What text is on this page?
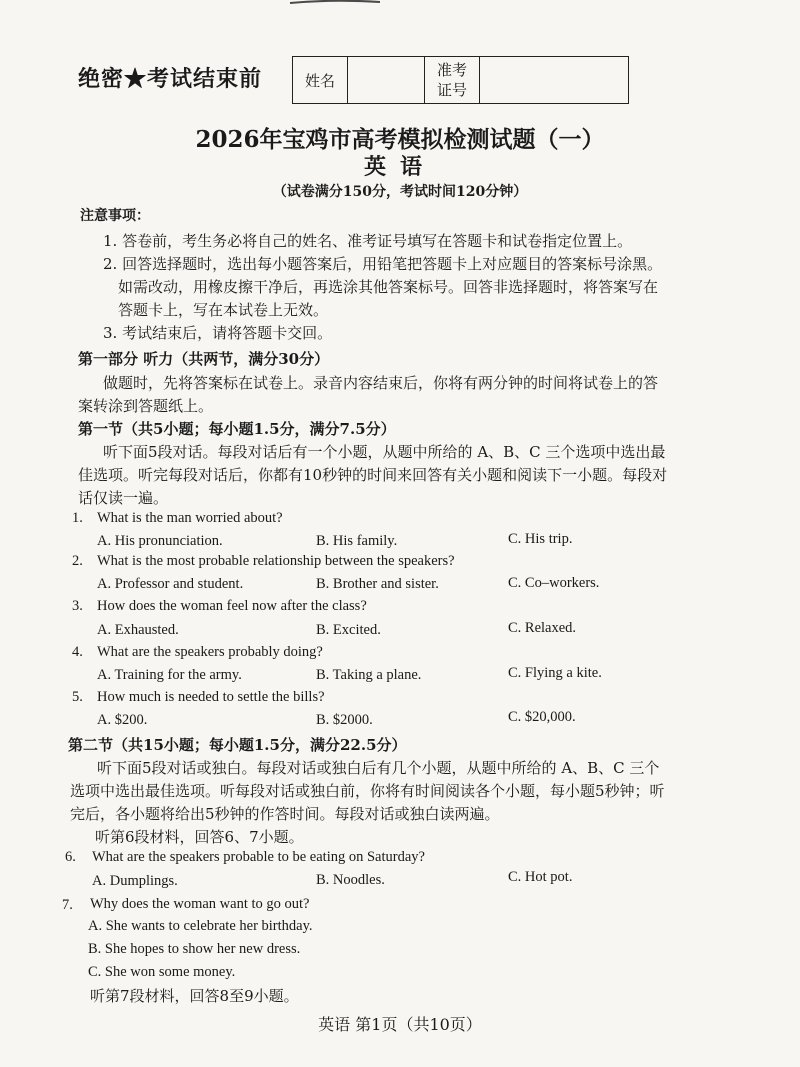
绝密★考试结束前	姓名		准考
证号	
2026年宝鸡市高考模拟检测试题（一）
英语
（试卷满分150分，考试时间120分钟）
注意事项：
1. 答卷前，考生务必将自己的姓名、准考证号填写在答题卡和试卷指定位置上。
2. 回答选择题时，选出每小题答案后，用铅笔把答题卡上对应题目的答案标号涂黑。
如需改动，用橡皮擦干净后，再选涂其他答案标号。回答非选择题时，将答案写在
答题卡上，写在本试卷上无效。
3. 考试结束后，请将答题卡交回。
第一部分 听力（共两节，满分30分）
做题时，先将答案标在试卷上。录音内容结束后，你将有两分钟的时间将试卷上的答
案转涂到答题纸上。
第一节（共5小题；每小题1.5分，满分7.5分）
听下面5段对话。每段对话后有一个小题，从题中所给的 A、B、C 三个选项中选出最
佳选项。听完每段对话后，你都有10秒钟的时间来回答有关小题和阅读下一小题。每段对
话仅读一遍。
1. What is the man worried about?
A. His pronunciation.	B. His family.	C. His trip.
2. What is the most probable relationship between the speakers?
A. Professor and student.	B. Brother and sister.	C. Co–workers.
3. How does the woman feel now after the class?
A. Exhausted.	B. Excited.	C. Relaxed.
4. What are the speakers probably doing?
A. Training for the army.	B. Taking a plane.	C. Flying a kite.
5. How much is needed to settle the bills?
A. $200.	B. $2000.	C. $20,000.
第二节（共15小题；每小题1.5分，满分22.5分）
听下面5段对话或独白。每段对话或独白后有几个小题，从题中所给的 A、B、C 三个
选项中选出最佳选项。听每段对话或独白前，你将有时间阅读各个小题，每小题5秒钟；听
完后，各小题将给出5秒钟的作答时间。每段对话或独白读两遍。
听第6段材料，回答6、7小题。
6. What are the speakers probable to be eating on Saturday?
A. Dumplings.	B. Noodles.	C. Hot pot.
7. Why does the woman want to go out?
A. She wants to celebrate her birthday.
B. She hopes to show her new dress.
C. She won some money.
听第7段材料，回答8至9小题。
英语 第1页（共10页）
